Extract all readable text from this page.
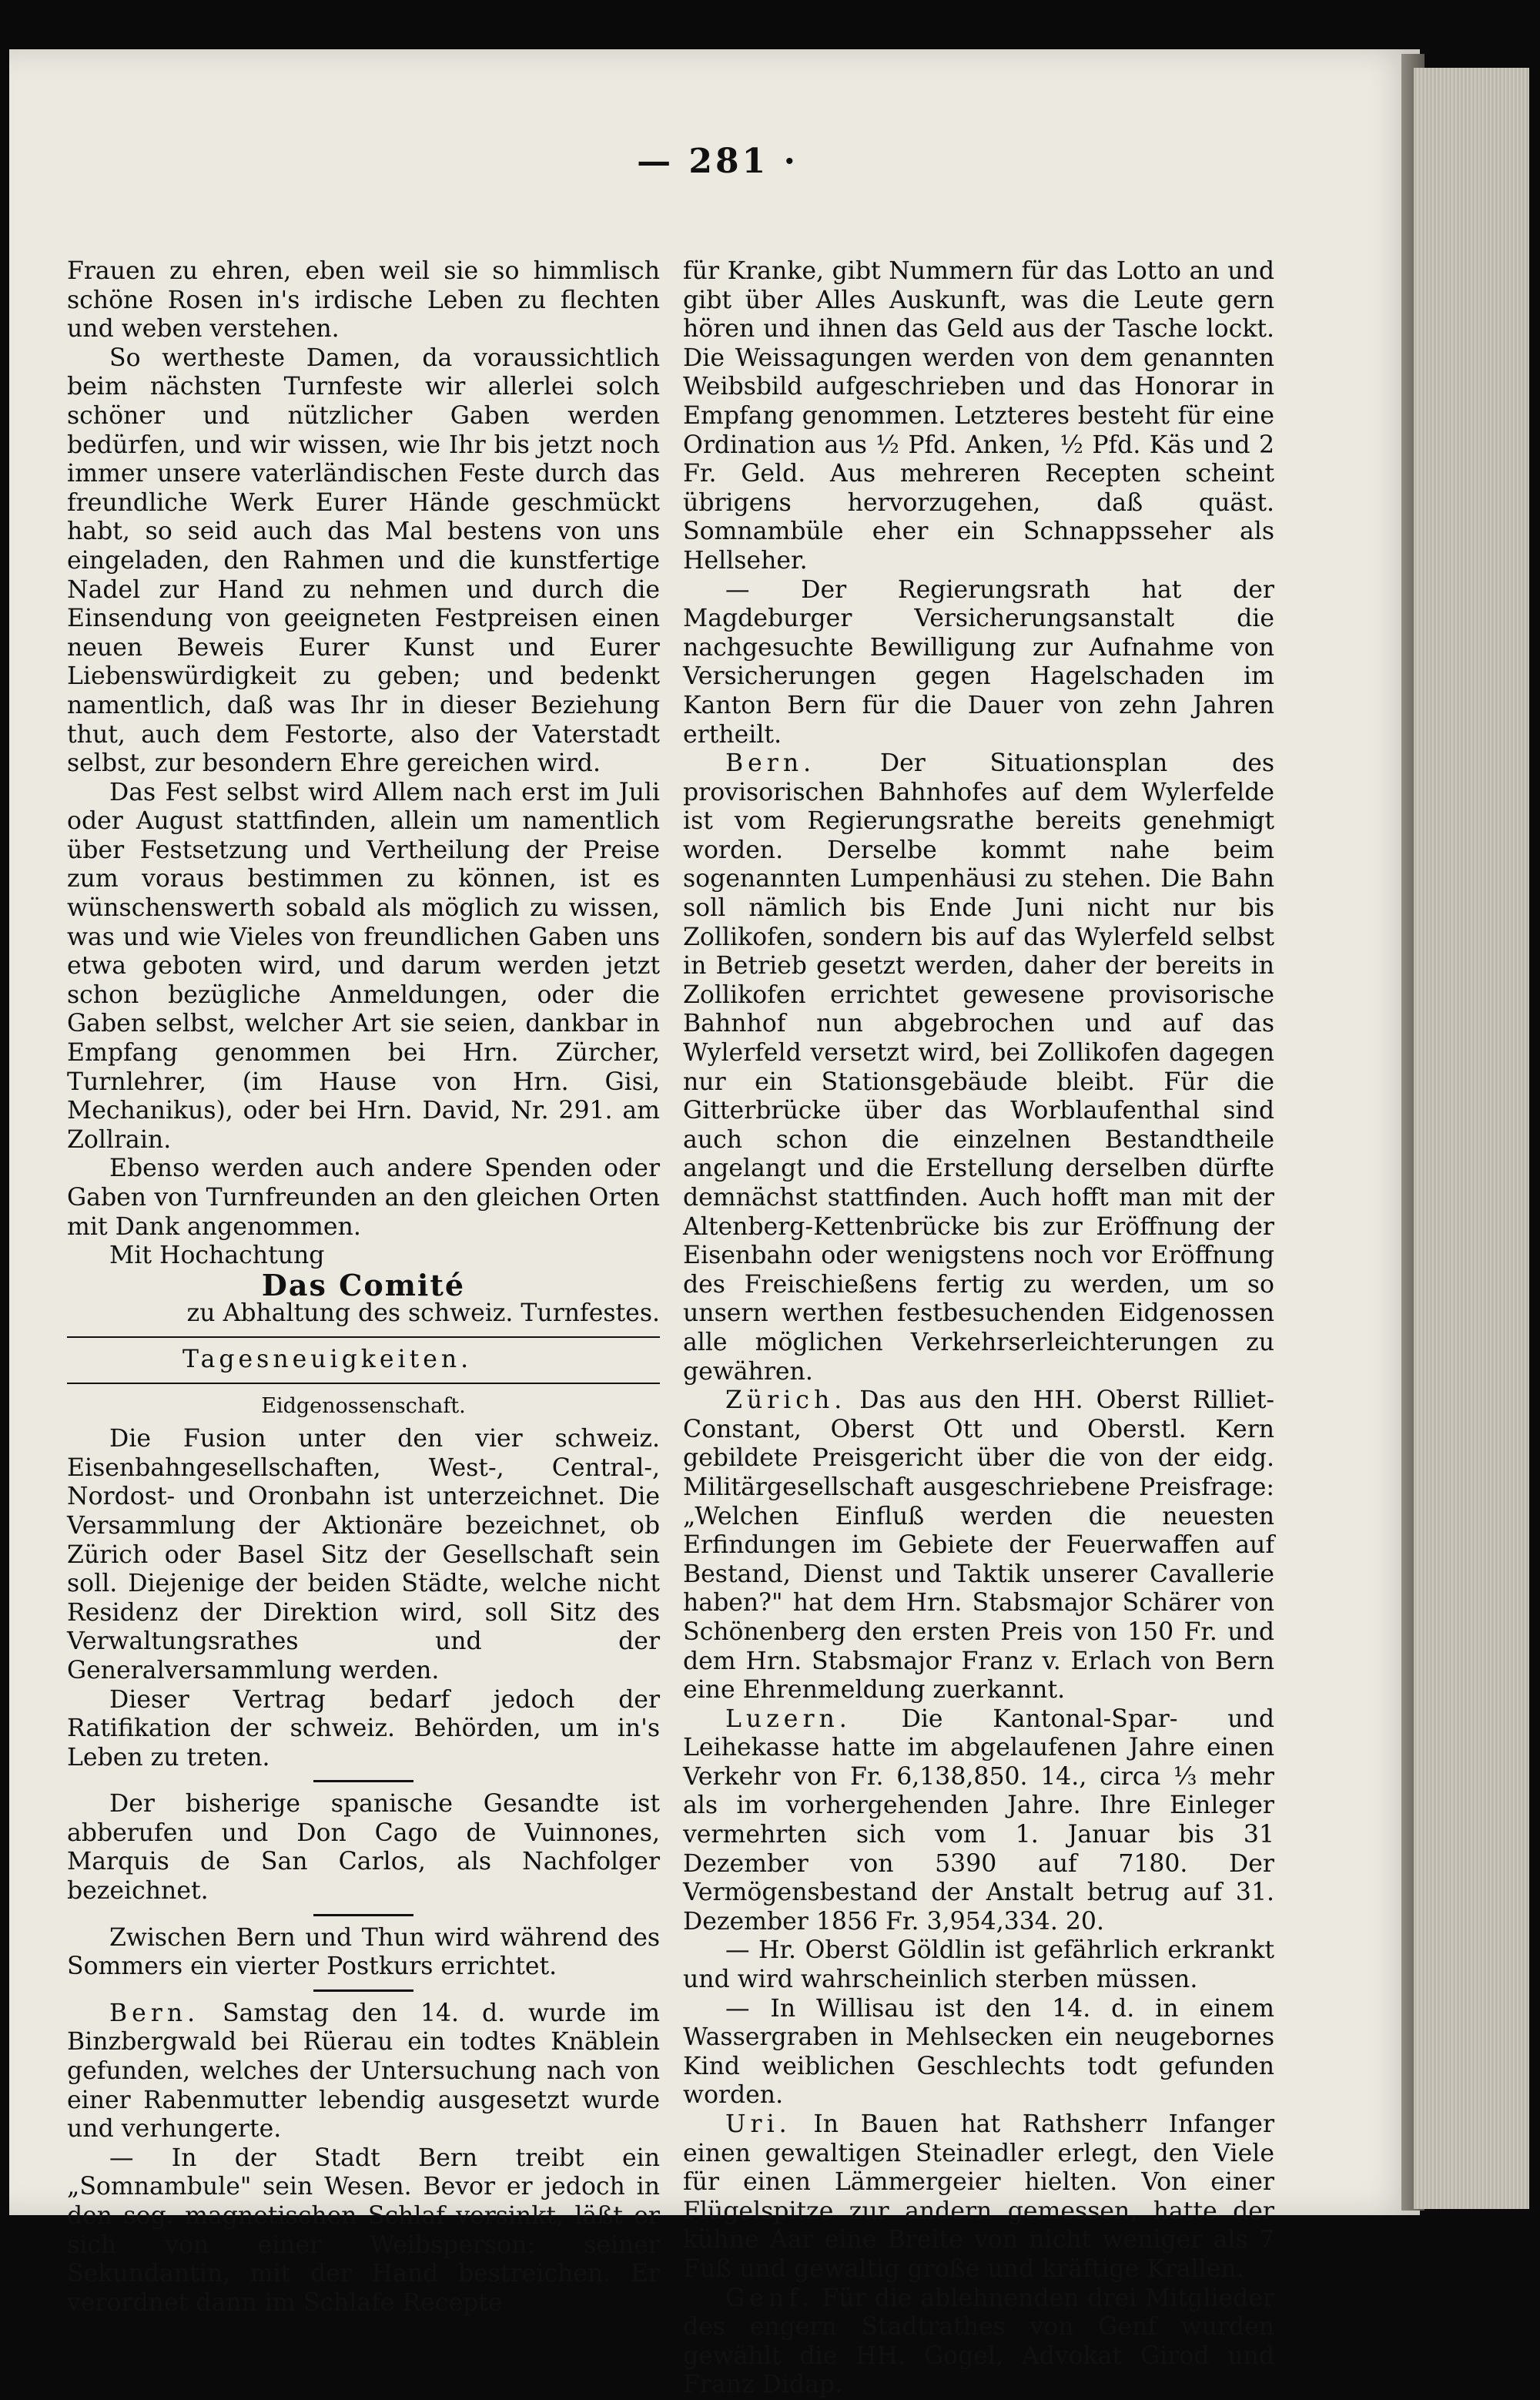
— 281 ·

Frauen zu ehren, eben weil sie so himmlisch schöne Rosen in's irdische Leben zu flechten und weben verstehen.

So wertheste Damen, da voraussichtlich beim nächsten Turnfeste wir allerlei solch schöner und nützlicher Gaben werden bedürfen, und wir wissen, wie Ihr bis jetzt noch immer unsere vaterländischen Feste durch das freundliche Werk Eurer Hände geschmückt habt, so seid auch das Mal bestens von uns eingeladen, den Rahmen und die kunstfertige Nadel zur Hand zu nehmen und durch die Einsendung von geeigneten Festpreisen einen neuen Beweis Eurer Kunst und Eurer Liebenswürdigkeit zu geben; und bedenkt namentlich, daß was Ihr in dieser Beziehung thut, auch dem Festorte, also der Vaterstadt selbst, zur besondern Ehre gereichen wird.

Das Fest selbst wird Allem nach erst im Juli oder August stattfinden, allein um namentlich über Festsetzung und Vertheilung der Preise zum voraus bestimmen zu können, ist es wünschenswerth sobald als möglich zu wissen, was und wie Vieles von freundlichen Gaben uns etwa geboten wird, und darum werden jetzt schon bezügliche Anmeldungen, oder die Gaben selbst, welcher Art sie seien, dankbar in Empfang genommen bei Hrn. Zürcher, Turnlehrer, (im Hause von Hrn. Gisi, Mechanikus), oder bei Hrn. David, Nr. 291. am Zollrain.

Ebenso werden auch andere Spenden oder Gaben von Turnfreunden an den gleichen Orten mit Dank angenommen.

Mit Hochachtung

Das Comité

zu Abhaltung des schweiz. Turnfestes.

Tagesneuigkeiten.

Eidgenossenschaft.

Die Fusion unter den vier schweiz. Eisenbahngesellschaften, West-, Central-, Nordost- und Oronbahn ist unterzeichnet. Die Versammlung der Aktionäre bezeichnet, ob Zürich oder Basel Sitz der Gesellschaft sein soll. Diejenige der beiden Städte, welche nicht Residenz der Direktion wird, soll Sitz des Verwaltungsrathes und der Generalversammlung werden.

Dieser Vertrag bedarf jedoch der Ratifikation der schweiz. Behörden, um in's Leben zu treten.

Der bisherige spanische Gesandte ist abberufen und Don Cago de Vuinnones, Marquis de San Carlos, als Nachfolger bezeichnet.

Zwischen Bern und Thun wird während des Sommers ein vierter Postkurs errichtet.

Bern. Samstag den 14. d. wurde im Binzbergwald bei Rüerau ein todtes Knäblein gefunden, welches der Untersuchung nach von einer Rabenmutter lebendig ausgesetzt wurde und verhungerte.

— In der Stadt Bern treibt ein „Somnambule" sein Wesen. Bevor er jedoch in den sog. magnetischen Schlaf versinkt, läßt er sich von einer Weibsperson: seiner Sekundantin, mit der Hand bestreichen. Er verordnet dann im Schlafe Recepte

für Kranke, gibt Nummern für das Lotto an und gibt über Alles Auskunft, was die Leute gern hören und ihnen das Geld aus der Tasche lockt. Die Weissagungen werden von dem genannten Weibsbild aufgeschrieben und das Honorar in Empfang genommen. Letzteres besteht für eine Ordination aus ½ Pfd. Anken, ½ Pfd. Käs und 2 Fr. Geld. Aus mehreren Recepten scheint übrigens hervorzugehen, daß quäst. Somnambüle eher ein Schnappsseher als Hellseher.

— Der Regierungsrath hat der Magdeburger Versicherungsanstalt die nachgesuchte Bewilligung zur Aufnahme von Versicherungen gegen Hagelschaden im Kanton Bern für die Dauer von zehn Jahren ertheilt.

Bern.	Der Situationsplan des provisorischen Bahnhofes auf dem Wylerfelde ist vom Regierungsrathe bereits genehmigt worden. Derselbe kommt nahe beim sogenannten Lumpenhäusi zu stehen. Die Bahn soll nämlich bis Ende Juni nicht nur bis Zollikofen, sondern bis auf das Wylerfeld selbst in Betrieb gesetzt werden, daher der bereits in Zollikofen errichtet gewesene provisorische Bahnhof nun abgebrochen und auf das Wylerfeld versetzt wird, bei Zollikofen dagegen nur ein Stationsgebäude bleibt. Für die Gitterbrücke über das Worblaufenthal sind auch schon die einzelnen Bestandtheile angelangt und die Erstellung derselben dürfte demnächst stattfinden. Auch hofft man mit der Altenberg-Kettenbrücke bis zur Eröffnung der Eisenbahn oder wenigstens noch vor Eröffnung des Freischießens fertig zu werden, um so unsern werthen festbesuchenden Eidgenossen alle möglichen Verkehrserleichterungen zu gewähren.

Zürich. Das aus den HH. Oberst Rilliet-Constant, Oberst Ott und Oberstl. Kern gebildete Preisgericht über die von der eidg. Militärgesellschaft ausgeschriebene Preisfrage: „Welchen Einfluß werden die neuesten Erfindungen im Gebiete der Feuerwaffen auf Bestand, Dienst und Taktik unserer Cavallerie haben?" hat dem Hrn. Stabsmajor Schärer von Schönenberg den ersten Preis von 150 Fr. und dem Hrn. Stabsmajor Franz v. Erlach von Bern eine Ehrenmeldung zuerkannt.

Luzern. Die Kantonal-Spar- und Leihekasse hatte im abgelaufenen Jahre einen Verkehr von Fr. 6,138,850. 14., circa ⅓ mehr als im vorhergehenden Jahre. Ihre Einleger vermehrten sich vom 1. Januar bis 31 Dezember von 5390 auf 7180. Der Vermögensbestand der Anstalt betrug auf 31. Dezember 1856 Fr. 3,954,334. 20.

— Hr. Oberst Göldlin ist gefährlich erkrankt und wird wahrscheinlich sterben müssen.

— In Willisau ist den 14. d. in einem Wassergraben in Mehlsecken ein neugebornes Kind weiblichen Geschlechts todt gefunden worden.

Uri. In Bauen hat Rathsherr Infanger einen gewaltigen Steinadler erlegt, den Viele für einen Lämmergeier hielten. Von einer Flügelspitze zur andern gemessen, hatte der kühne Aar eine Breite von nicht weniger als 7 Fuß und gewaltig große und kräftige Krallen.

Genf. Für die ablehnenden drei Mitglieder des engern Stadtrathes von Genf wurden gewählt die HH. Gogel, Advokat Girod und Franz Didap.
